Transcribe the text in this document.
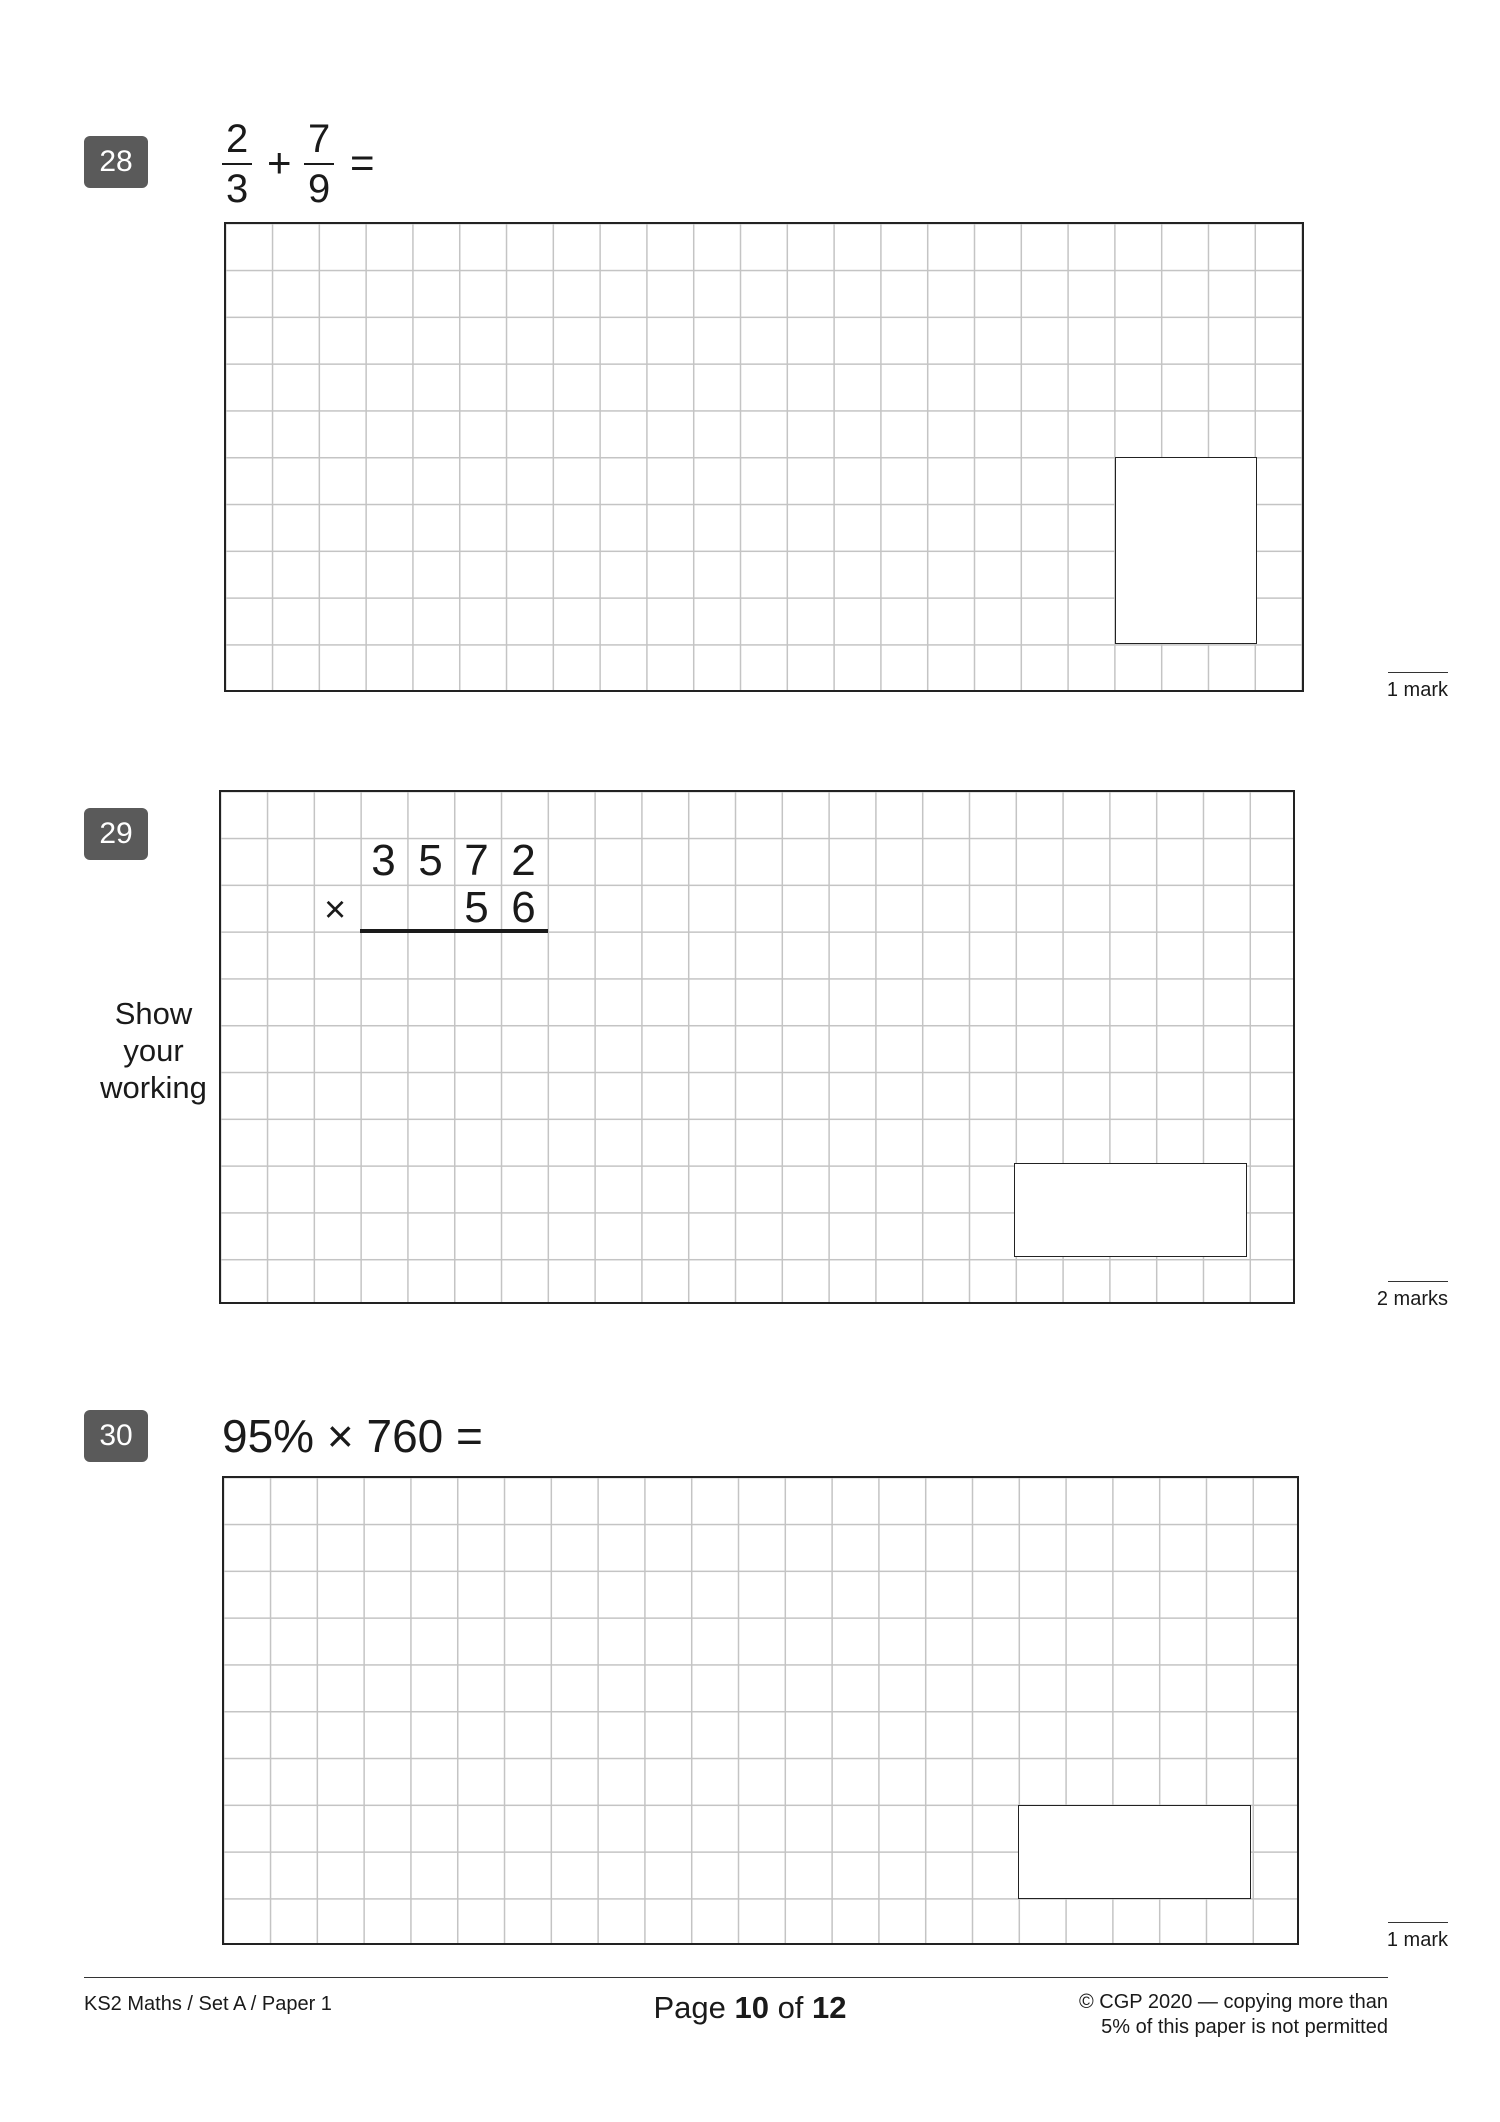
28
2
3
+ 7
9
=
1 mark
29
Show
your
working
3 5 7 2
×	5 6
2 marks
30	95% × 760 =
1 mark
KS2 Maths / Set A / Paper 1	Page 10 of 12	© CGP 2020 — copying more than
5% of this paper is not permitted
